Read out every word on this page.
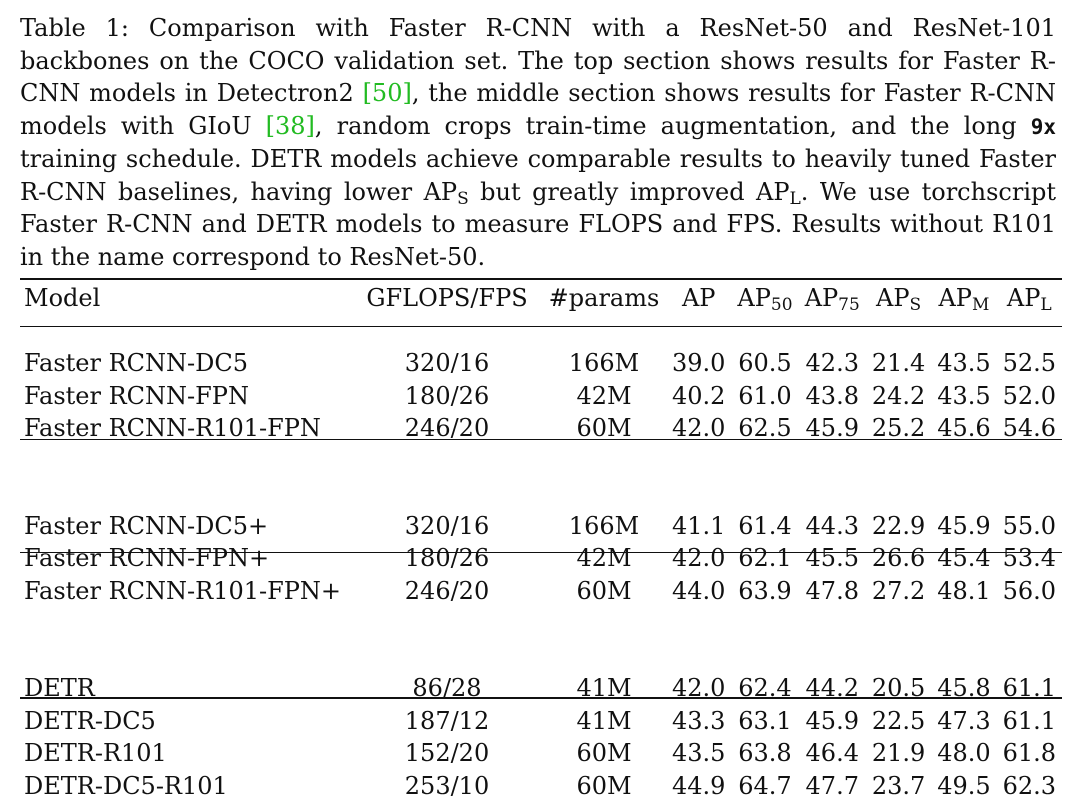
Table 1: Comparison with Faster R-CNN with a ResNet-50 and ResNet-101 backbones on the COCO validation set. The top section shows results for Faster R-CNN models in Detectron2 [50], the middle section shows results for Faster R-CNN models with GIoU [38], random crops train-time augmentation, and the long 9x training schedule. DETR models achieve comparable results to heavily tuned Faster R-CNN baselines, having lower $AP_S$ but greatly improved $AP_L$. We use torchscript Faster R-CNN and DETR models to measure FLOPS and FPS. Results without R101 in the name correspond to ResNet-50.
Model	GFLOPS/FPS	#params	AP	$AP_{50}$	$AP_{75}$	$AP_S$	$AP_M$	$AP_L$

Faster RCNN-DC5	320/16	166M	39.0	60.5	42.3	21.4	43.5	52.5
Faster RCNN-FPN	180/26	42M	40.2	61.0	43.8	24.2	43.5	52.0
Faster RCNN-R101-FPN	246/20	60M	42.0	62.5	45.9	25.2	45.6	54.6

Faster RCNN-DC5+	320/16	166M	41.1	61.4	44.3	22.9	45.9	55.0
Faster RCNN-FPN+	180/26	42M	42.0	62.1	45.5	26.6	45.4	53.4
Faster RCNN-R101-FPN+	246/20	60M	44.0	63.9	47.8	27.2	48.1	56.0

DETR	86/28	41M	42.0	62.4	44.2	20.5	45.8	61.1
DETR-DC5	187/12	41M	43.3	63.1	45.9	22.5	47.3	61.1
DETR-R101	152/20	60M	43.5	63.8	46.4	21.9	48.0	61.8
DETR-DC5-R101	253/10	60M	44.9	64.7	47.7	23.7	49.5	62.3
